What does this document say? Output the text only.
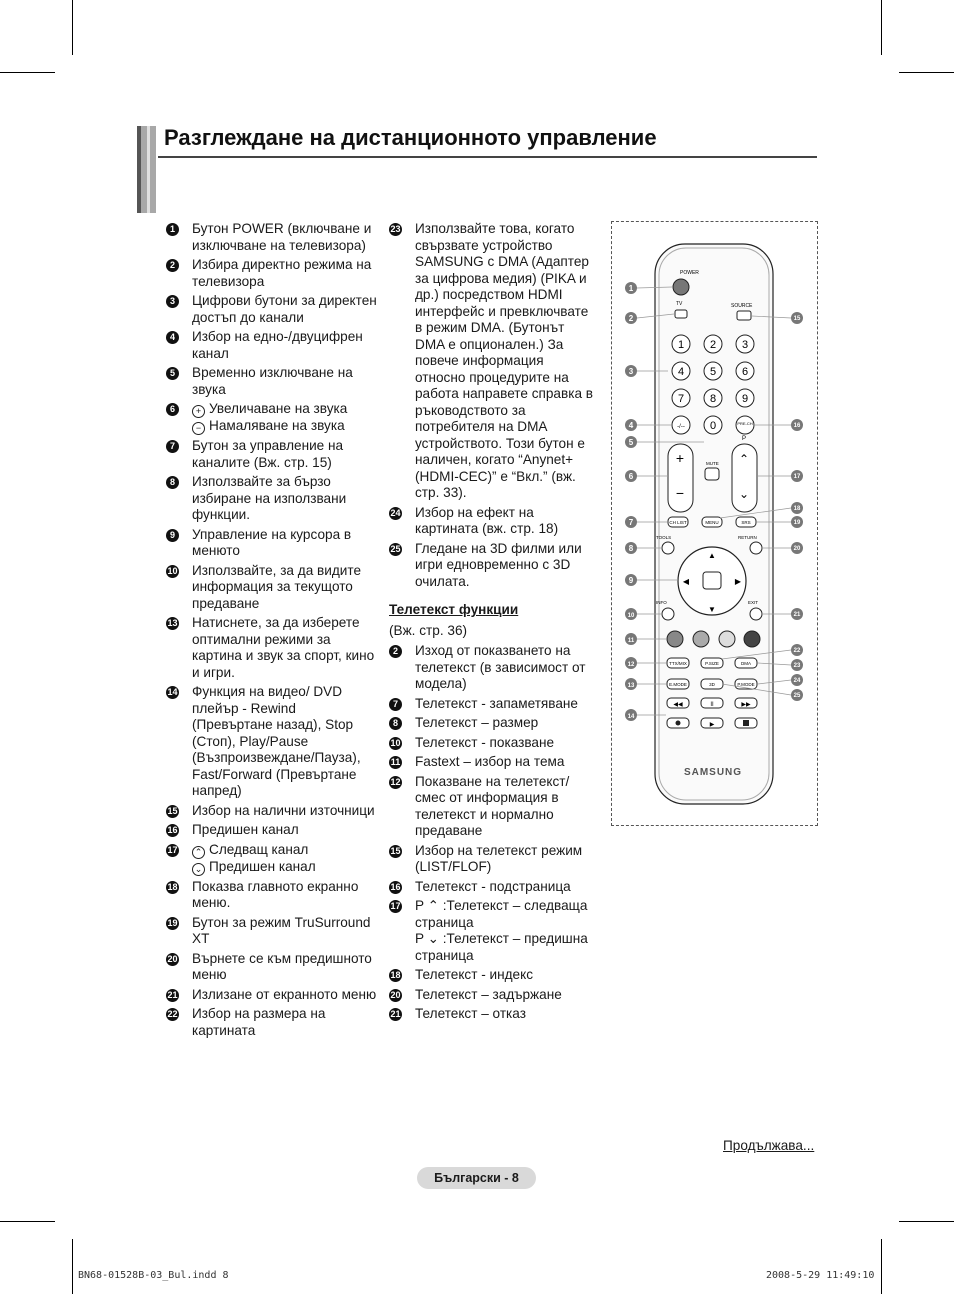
Разглеждане на дистанционното управление
1 Бутон POWER (включване и изключване на телевизора)
2 Избира директно режима на телевизора
3 Цифрови бутони за директен достъп до канали
4 Избор на едно-/двуцифрен канал
5 Временно изключване на звука
6	+ Увеличаване на звука
− Намаляване на звука
7 Бутон за управление на каналите (Вж. стр. 15)
8 Използвайте за бързо избиране на използвани функции.
9 Управление на курсора в менюто
10 Използвайте, за да видите информация за текущото предаване
13 Натиснете, за да изберете оптимални режими за картина и звук за спорт, кино и игри.
14 Функция на видео/ DVD плейър - Rewind (Превъртане назад), Stop (Стоп), Play/Pause (Възпроизвеждане/Пауза), Fast/Forward (Превъртане напред)
15 Избор на налични източници
16 Предишен канал
17	⌃ Следващ канал
⌄ Предишен канал
18 Показва главното екранно меню.
19 Бутон за режим TruSurround XT
20 Върнете се към предишното меню
21 Излизане от екранното меню
22 Избор на размера на картината
23 Използвайте това, когато свързвате устройство SAMSUNG с DMA (Адаптер за цифрова медия) (PIKA и др.) посредством HDMI интерфейс и превключвате в режим DMA. (Бутонът DMA е опционален.) За повече информация относно процедурите на работа направете справка в ръководството за потребителя на DMA устройството. Този бутон е наличен, когато “Anynet+ (HDMI-CEC)” е “Вкл.” (вж. стр. 33).
24 Избор на ефект на картината (вж. стр. 18)
25 Гледане на 3D филми или игри едновременно с 3D очилата.
Телетекст функции
(Вж. стр. 36)
2 Изход от показването на телетекст (в зависимост от модела)
7 Телетекст - запаметяване
8 Телетекст – размер
10 Телетекст - показване
11 Fastext – избор на тема
12 Показване на телетекст/ смес от информация в телетекст и нормално предаване
15 Избор на телетекст режим (LIST/FLOF)
16 Телетекст - подстраница
17 P ⌃ :Телетекст – следваща страница
P ⌄ :Телетекст – предишна страница
18 Телетекст - индекс
20 Телетекст – задържане
21 Телетекст – отказ
POWER
TV	SOURCE
1 2 3
4 5 6
7 8 9
-/-- 0	PRE-CH
+
−
MUTE
P
⌃
⌄
CH LIST	MENU	SRS
TOOLS	RETURN
▲
▼
◀	▶
INFO	EXIT
TTX/MIX	P.SIZE	DMA
E.MODE	3D	P.MODE
◀◀	II	▶▶
▶
SAMSUNG
1
2
3
4
5
6
7
8
9
10
11
12
13
14
15
16
17
18
19
20
21
22
23
24
25
Продължава...
Български - 8
BN68-01528B-03_Bul.indd 8	2008-5-29 11:49:10
